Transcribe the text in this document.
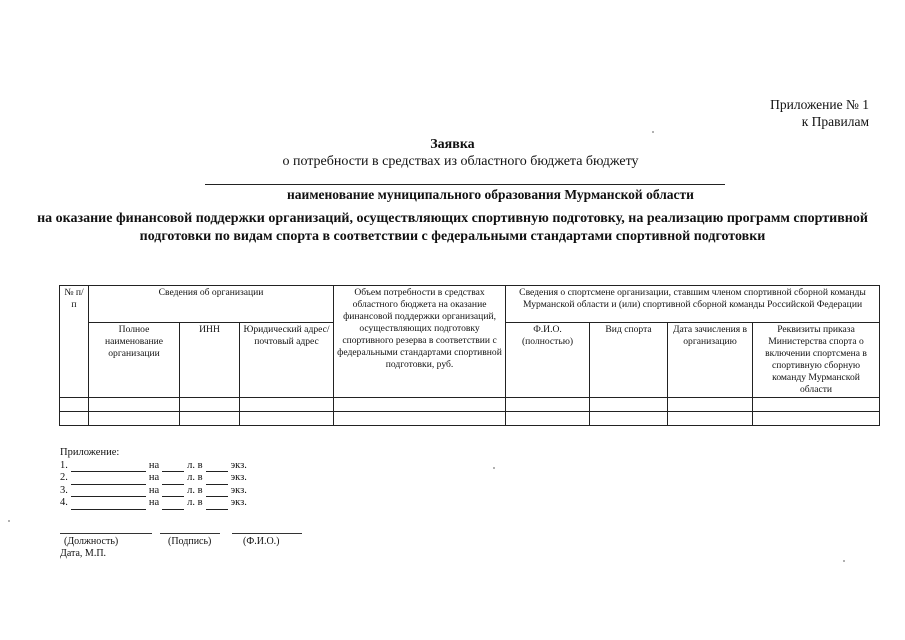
Приложение № 1
к Правилам
Заявка
о потребности в средствах из областного бюджета бюджету
наименование муниципального образования Мурманской области
на оказание финансовой поддержки организаций, осуществляющих спортивную подготовку, на реализацию программ спортивной подготовки по видам спорта в соответствии с федеральными стандартами спортивной подготовки
№ п/п	Сведения об организации			Объем потребности в средствах областного бюджета на оказание финансовой поддержки организаций, осуществляющих подготовку спортивного резерва в соответствии с федеральными стандартами спортивной подготовки, руб.	Сведения о спортсмене организации, ставшим членом спортивной сборной команды Мурманской области и (или) спортивной сборной команды Российской Федерации			
	Полное наименование организации	ИНН	Юридический адрес/ почтовый адрес		Ф.И.О. (полностью)	Вид спорта	Дата зачисления в организацию	Реквизиты приказа Министерства спорта о включении спортсмена в спортивную сборную команду Мурманской области

Приложение:
1.	на	л. в	экз.
2.	на	л. в	экз.
3.	на	л. в	экз.
4.	на	л. в	экз.
(Должность)	(Подпись)	(Ф.И.О.)
Дата, М.П.
